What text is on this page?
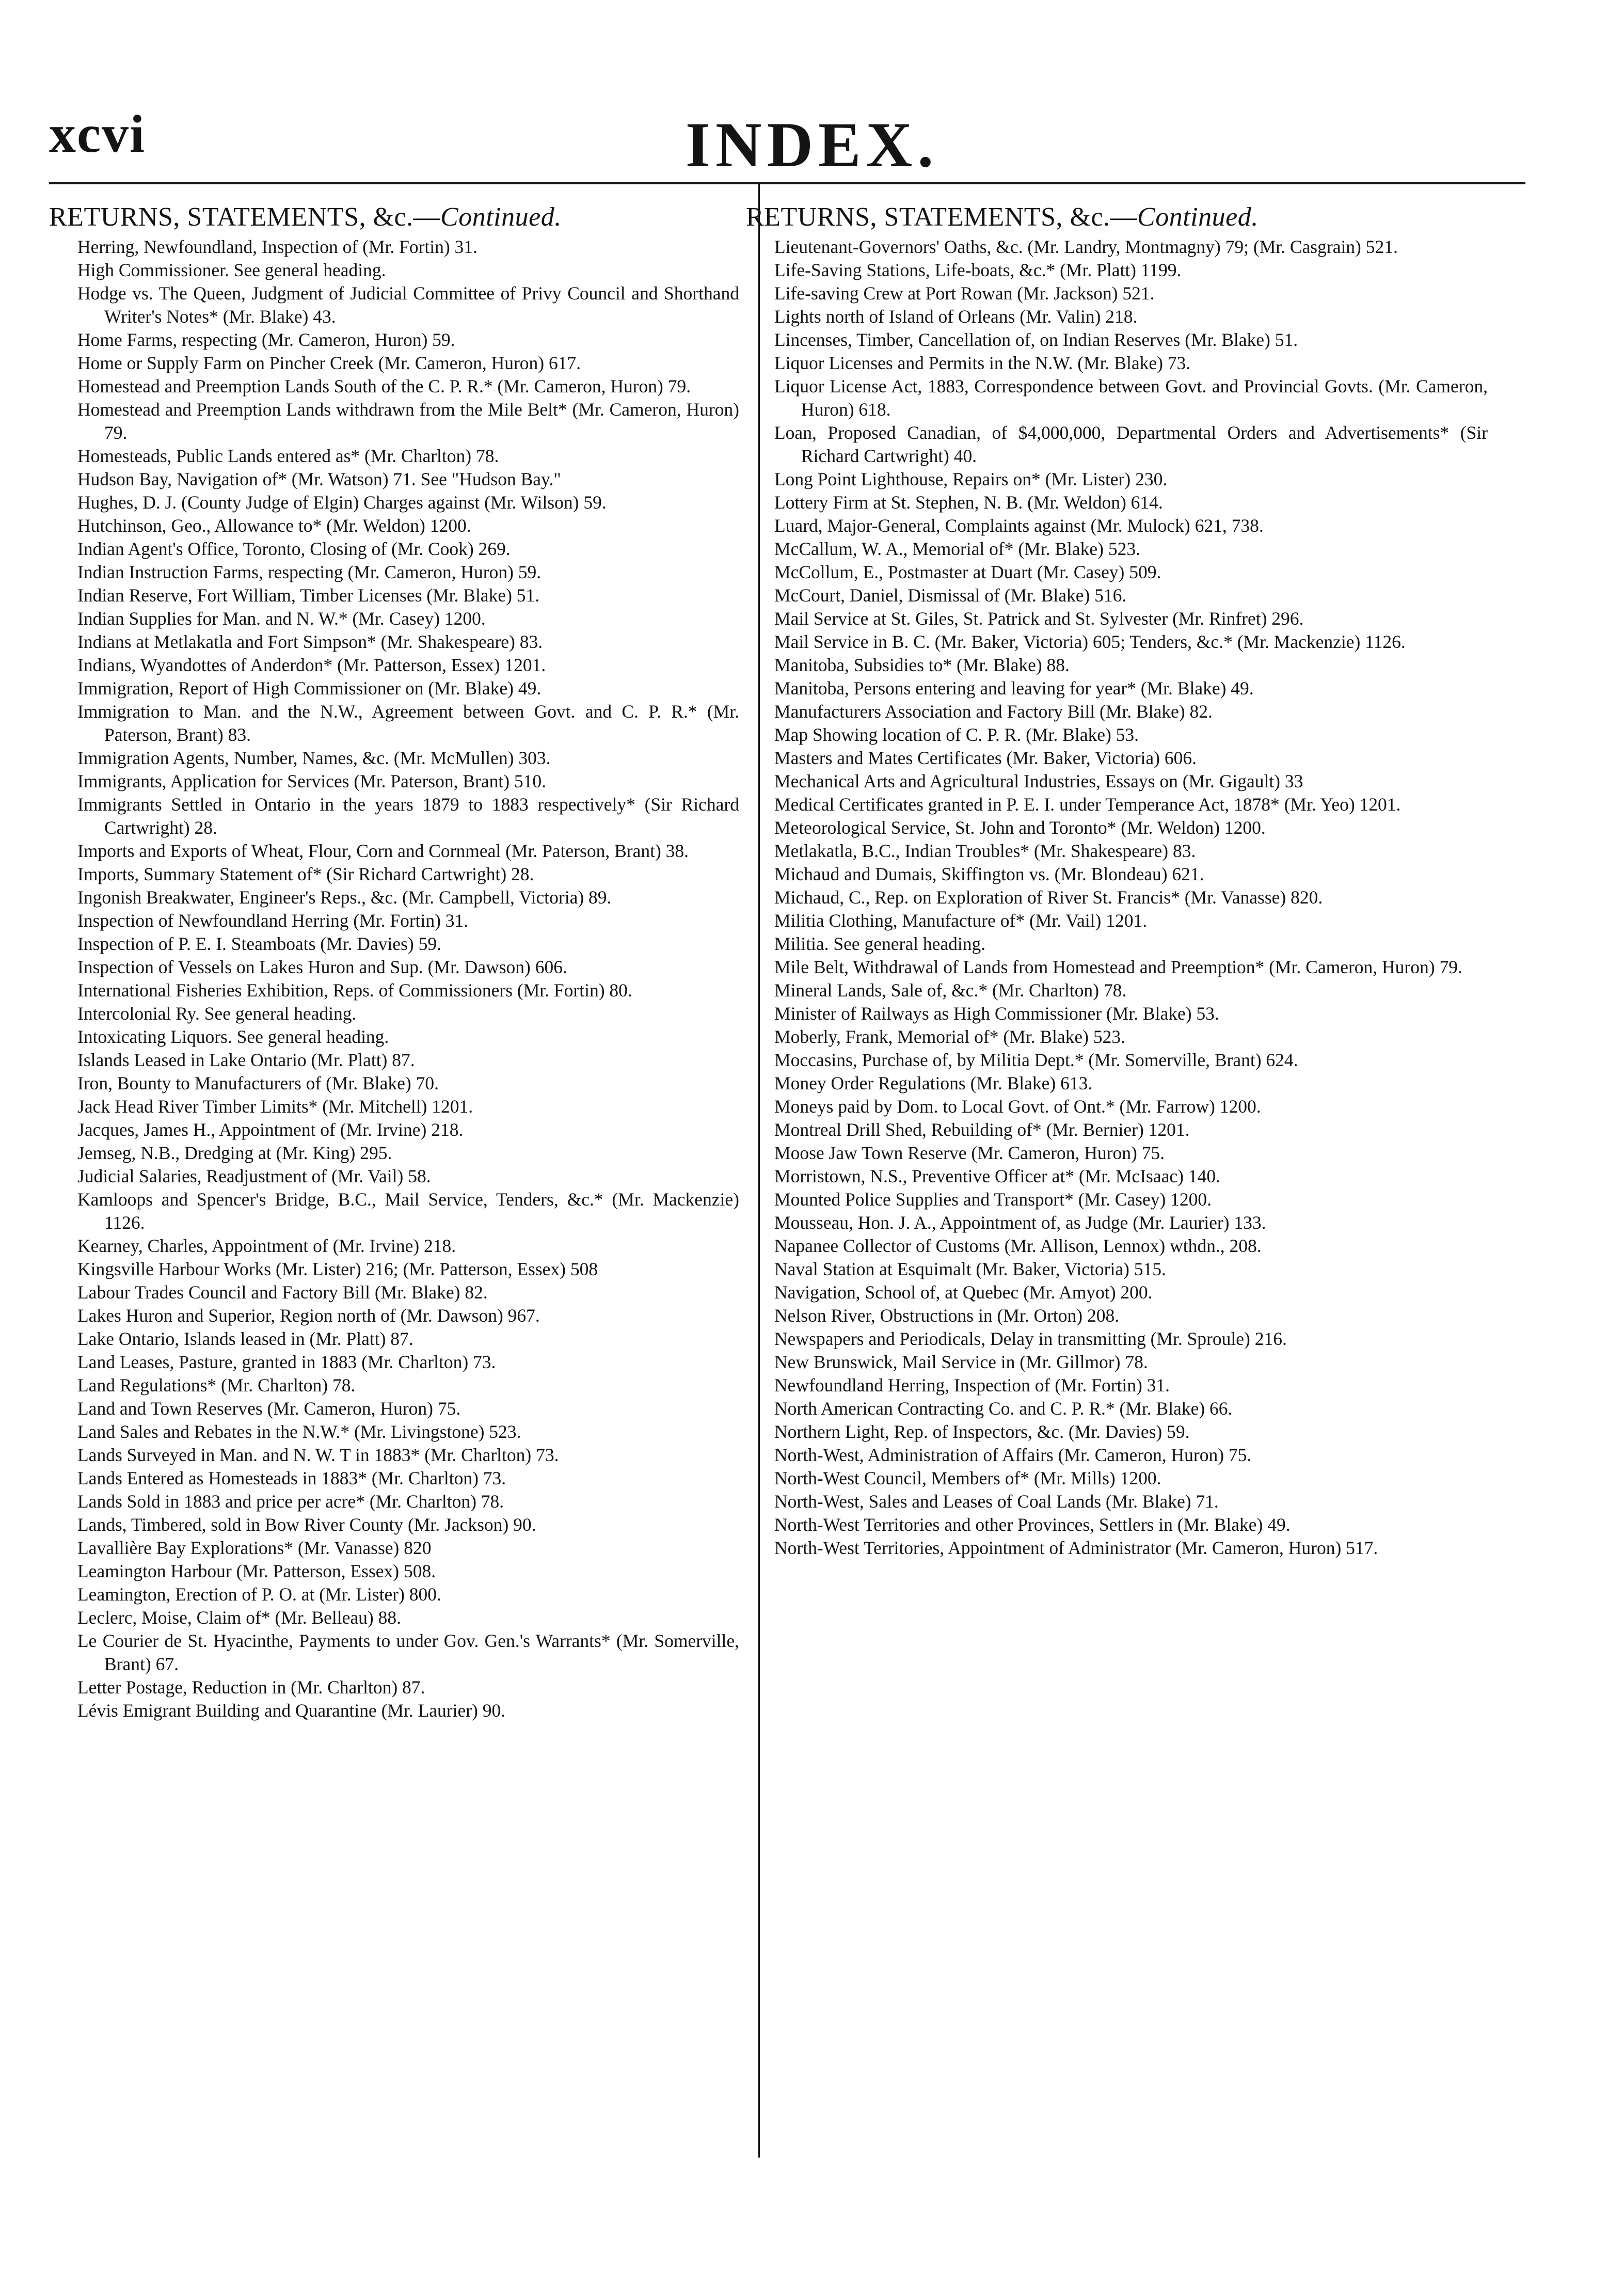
xcvi	INDEX.
RETURNS, STATEMENTS, &c.—Continued.

Herring, Newfoundland, Inspection of (Mr. Fortin) 31.

High Commissioner. See general heading.

Hodge vs. The Queen, Judgment of Judicial Committee of Privy Council and Shorthand Writer's Notes* (Mr. Blake) 43.

Home Farms, respecting (Mr. Cameron, Huron) 59.

Home or Supply Farm on Pincher Creek (Mr. Cameron, Huron) 617.

Homestead and Preemption Lands South of the C. P. R.* (Mr. Cameron, Huron) 79.

Homestead and Preemption Lands withdrawn from the Mile Belt* (Mr. Cameron, Huron) 79.

Homesteads, Public Lands entered as* (Mr. Charlton) 78.

Hudson Bay, Navigation of* (Mr. Watson) 71. See "Hudson Bay."

Hughes, D. J. (County Judge of Elgin) Charges against (Mr. Wilson) 59.

Hutchinson, Geo., Allowance to* (Mr. Weldon) 1200.

Indian Agent's Office, Toronto, Closing of (Mr. Cook) 269.

Indian Instruction Farms, respecting (Mr. Cameron, Huron) 59.

Indian Reserve, Fort William, Timber Licenses (Mr. Blake) 51.

Indian Supplies for Man. and N. W.* (Mr. Casey) 1200.

Indians at Metlakatla and Fort Simpson* (Mr. Shakespeare) 83.

Indians, Wyandottes of Anderdon* (Mr. Patterson, Essex) 1201.

Immigration, Report of High Commissioner on (Mr. Blake) 49.

Immigration to Man. and the N.W., Agreement between Govt. and C. P. R.* (Mr. Paterson, Brant) 83.

Immigration Agents, Number, Names, &c. (Mr. McMullen) 303.

Immigrants, Application for Services (Mr. Paterson, Brant) 510.

Immigrants Settled in Ontario in the years 1879 to 1883 respectively* (Sir Richard Cartwright) 28.

Imports and Exports of Wheat, Flour, Corn and Cornmeal (Mr. Paterson, Brant) 38.

Imports, Summary Statement of* (Sir Richard Cartwright) 28.

Ingonish Breakwater, Engineer's Reps., &c. (Mr. Campbell, Victoria) 89.

Inspection of Newfoundland Herring (Mr. Fortin) 31.

Inspection of P. E. I. Steamboats (Mr. Davies) 59.

Inspection of Vessels on Lakes Huron and Sup. (Mr. Dawson) 606.

International Fisheries Exhibition, Reps. of Commissioners (Mr. Fortin) 80.

Intercolonial Ry. See general heading.

Intoxicating Liquors. See general heading.

Islands Leased in Lake Ontario (Mr. Platt) 87.

Iron, Bounty to Manufacturers of (Mr. Blake) 70.

Jack Head River Timber Limits* (Mr. Mitchell) 1201.

Jacques, James H., Appointment of (Mr. Irvine) 218.

Jemseg, N.B., Dredging at (Mr. King) 295.

Judicial Salaries, Readjustment of (Mr. Vail) 58.

Kamloops and Spencer's Bridge, B.C., Mail Service, Tenders, &c.* (Mr. Mackenzie) 1126.

Kearney, Charles, Appointment of (Mr. Irvine) 218.

Kingsville Harbour Works (Mr. Lister) 216; (Mr. Patterson, Essex) 508

Labour Trades Council and Factory Bill (Mr. Blake) 82.

Lakes Huron and Superior, Region north of (Mr. Dawson) 967.

Lake Ontario, Islands leased in (Mr. Platt) 87.

Land Leases, Pasture, granted in 1883 (Mr. Charlton) 73.

Land Regulations* (Mr. Charlton) 78.

Land and Town Reserves (Mr. Cameron, Huron) 75.

Land Sales and Rebates in the N.W.* (Mr. Livingstone) 523.

Lands Surveyed in Man. and N. W. T in 1883* (Mr. Charlton) 73.

Lands Entered as Homesteads in 1883* (Mr. Charlton) 73.

Lands Sold in 1883 and price per acre* (Mr. Charlton) 78.

Lands, Timbered, sold in Bow River County (Mr. Jackson) 90.

Lavallière Bay Explorations* (Mr. Vanasse) 820

Leamington Harbour (Mr. Patterson, Essex) 508.

Leamington, Erection of P. O. at (Mr. Lister) 800.

Leclerc, Moise, Claim of* (Mr. Belleau) 88.

Le Courier de St. Hyacinthe, Payments to under Gov. Gen.'s Warrants* (Mr. Somerville, Brant) 67.

Letter Postage, Reduction in (Mr. Charlton) 87.

Lévis Emigrant Building and Quarantine (Mr. Laurier) 90.

RETURNS, STATEMENTS, &c.—Continued.

Lieutenant-Governors' Oaths, &c. (Mr. Landry, Montmagny) 79; (Mr. Casgrain) 521.

Life-Saving Stations, Life-boats, &c.* (Mr. Platt) 1199.

Life-saving Crew at Port Rowan (Mr. Jackson) 521.

Lights north of Island of Orleans (Mr. Valin) 218.

Lincenses, Timber, Cancellation of, on Indian Reserves (Mr. Blake) 51.

Liquor Licenses and Permits in the N.W. (Mr. Blake) 73.

Liquor License Act, 1883, Correspondence between Govt. and Provincial Govts. (Mr. Cameron, Huron) 618.

Loan, Proposed Canadian, of $4,000,000, Departmental Orders and Advertisements* (Sir Richard Cartwright) 40.

Long Point Lighthouse, Repairs on* (Mr. Lister) 230.

Lottery Firm at St. Stephen, N. B. (Mr. Weldon) 614.

Luard, Major-General, Complaints against (Mr. Mulock) 621, 738.

McCallum, W. A., Memorial of* (Mr. Blake) 523.

McCollum, E., Postmaster at Duart (Mr. Casey) 509.

McCourt, Daniel, Dismissal of (Mr. Blake) 516.

Mail Service at St. Giles, St. Patrick and St. Sylvester (Mr. Rinfret) 296.

Mail Service in B. C. (Mr. Baker, Victoria) 605; Tenders, &c.* (Mr. Mackenzie) 1126.

Manitoba, Subsidies to* (Mr. Blake) 88.

Manitoba, Persons entering and leaving for year* (Mr. Blake) 49.

Manufacturers Association and Factory Bill (Mr. Blake) 82.

Map Showing location of C. P. R. (Mr. Blake) 53.

Masters and Mates Certificates (Mr. Baker, Victoria) 606.

Mechanical Arts and Agricultural Industries, Essays on (Mr. Gigault) 33

Medical Certificates granted in P. E. I. under Temperance Act, 1878* (Mr. Yeo) 1201.

Meteorological Service, St. John and Toronto* (Mr. Weldon) 1200.

Metlakatla, B.C., Indian Troubles* (Mr. Shakespeare) 83.

Michaud and Dumais, Skiffington vs. (Mr. Blondeau) 621.

Michaud, C., Rep. on Exploration of River St. Francis* (Mr. Vanasse) 820.

Militia Clothing, Manufacture of* (Mr. Vail) 1201.

Militia. See general heading.

Mile Belt, Withdrawal of Lands from Homestead and Preemption* (Mr. Cameron, Huron) 79.

Mineral Lands, Sale of, &c.* (Mr. Charlton) 78.

Minister of Railways as High Commissioner (Mr. Blake) 53.

Moberly, Frank, Memorial of* (Mr. Blake) 523.

Moccasins, Purchase of, by Militia Dept.* (Mr. Somerville, Brant) 624.

Money Order Regulations (Mr. Blake) 613.

Moneys paid by Dom. to Local Govt. of Ont.* (Mr. Farrow) 1200.

Montreal Drill Shed, Rebuilding of* (Mr. Bernier) 1201.

Moose Jaw Town Reserve (Mr. Cameron, Huron) 75.

Morristown, N.S., Preventive Officer at* (Mr. McIsaac) 140.

Mounted Police Supplies and Transport* (Mr. Casey) 1200.

Mousseau, Hon. J. A., Appointment of, as Judge (Mr. Laurier) 133.

Napanee Collector of Customs (Mr. Allison, Lennox) wthdn., 208.

Naval Station at Esquimalt (Mr. Baker, Victoria) 515.

Navigation, School of, at Quebec (Mr. Amyot) 200.

Nelson River, Obstructions in (Mr. Orton) 208.

Newspapers and Periodicals, Delay in transmitting (Mr. Sproule) 216.

New Brunswick, Mail Service in (Mr. Gillmor) 78.

Newfoundland Herring, Inspection of (Mr. Fortin) 31.

North American Contracting Co. and C. P. R.* (Mr. Blake) 66.

Northern Light, Rep. of Inspectors, &c. (Mr. Davies) 59.

North-West, Administration of Affairs (Mr. Cameron, Huron) 75.

North-West Council, Members of* (Mr. Mills) 1200.

North-West, Sales and Leases of Coal Lands (Mr. Blake) 71.

North-West Territories and other Provinces, Settlers in (Mr. Blake) 49.

North-West Territories, Appointment of Administrator (Mr. Cameron, Huron) 517.
